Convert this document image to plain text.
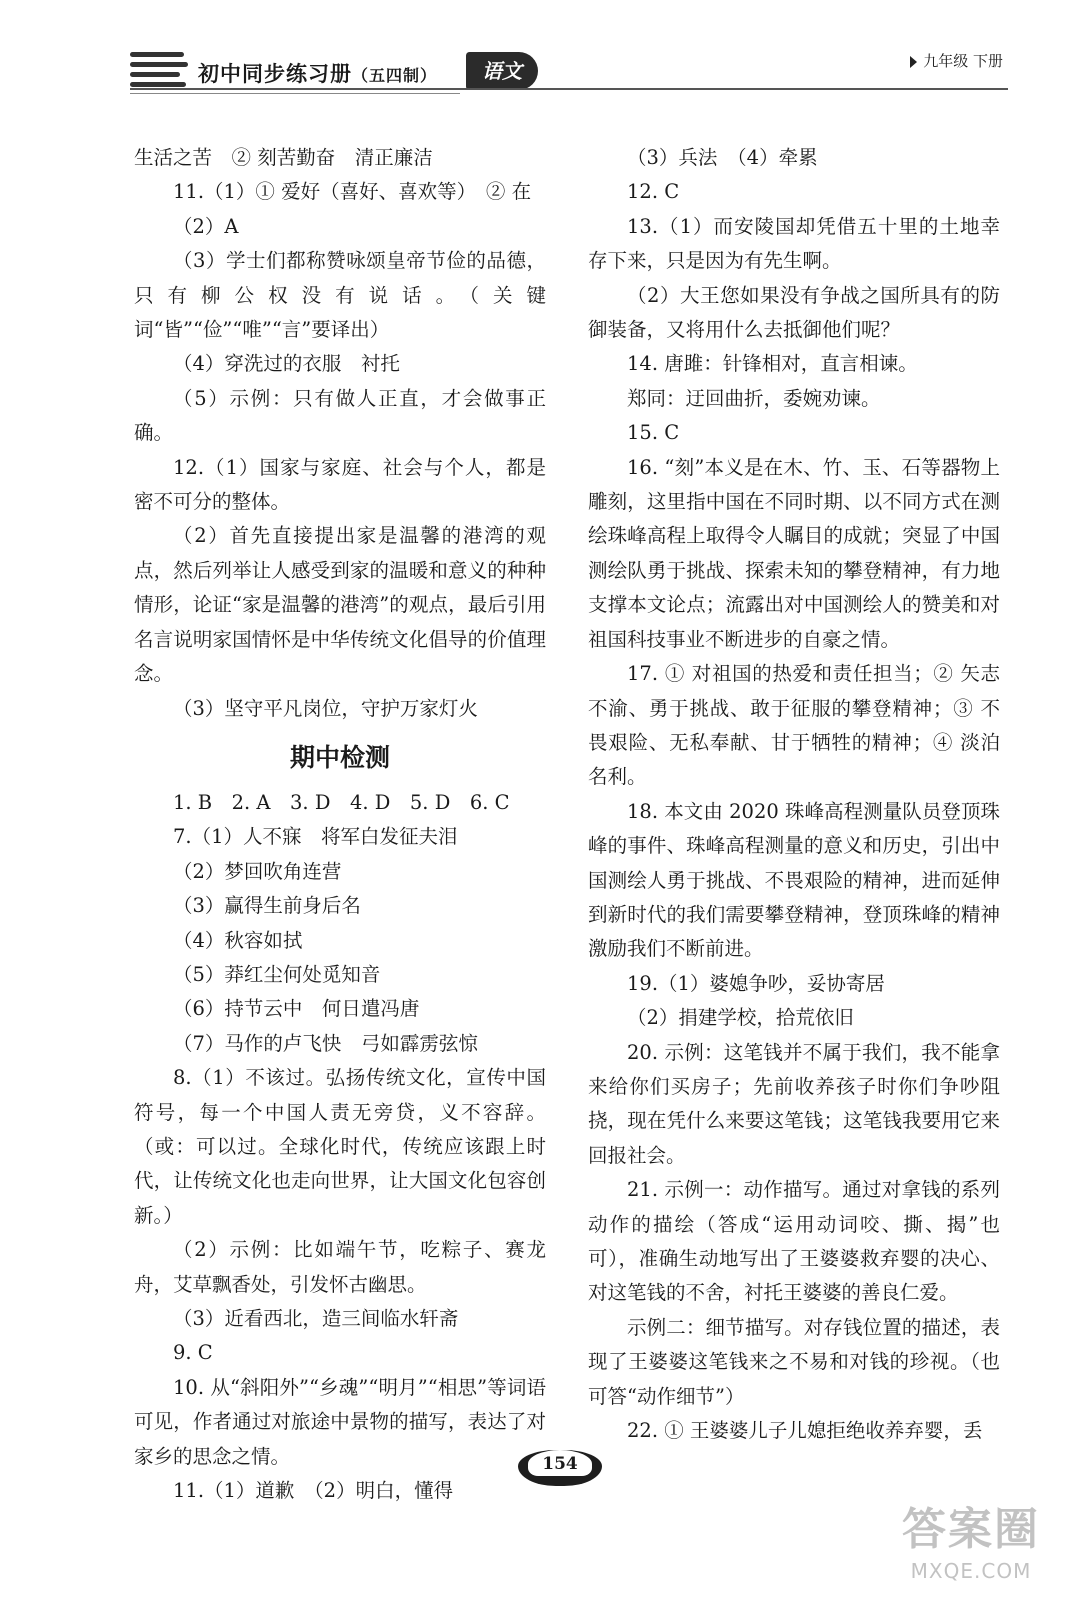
初中同步练习册（五四制）	语文	九年级 下册

生活之苦　② 刻苦勤奋　清正廉洁

11.（1）① 爱好（喜好、喜欢等）　② 在

（2）A

（3）学士们都称赞咏颂皇帝节俭的品德，只有柳公权没有说话。（关键词“皆”“俭”“唯”“言”要译出）

（4）穿洗过的衣服　衬托

（5）示例：只有做人正直，才会做事正确。

12.（1）国家与家庭、社会与个人，都是密不可分的整体。

（2）首先直接提出家是温馨的港湾的观点，然后列举让人感受到家的温暖和意义的种种情形，论证“家是温馨的港湾”的观点，最后引用名言说明家国情怀是中华传统文化倡导的价值理念。

（3）坚守平凡岗位，守护万家灯火

期中检测

1. B　2. A　3. D　4. D　5. D　6. C

7.（1）人不寐　将军白发征夫泪

（2）梦回吹角连营

（3）赢得生前身后名

（4）秋容如拭

（5）莽红尘何处觅知音

（6）持节云中　何日遣冯唐

（7）马作的卢飞快　弓如霹雳弦惊

8.（1）不该过。弘扬传统文化，宣传中国符号，每一个中国人责无旁贷，义不容辞。（或：可以过。全球化时代，传统应该跟上时代，让传统文化也走向世界，让大国文化包容创新。）

（2）示例：比如端午节，吃粽子、赛龙舟，艾草飘香处，引发怀古幽思。

（3）近看西北，造三间临水轩斋

9. C

10. 从“斜阳外”“乡魂”“明月”“相思”等词语可见，作者通过对旅途中景物的描写，表达了对家乡的思念之情。

11.（1）道歉　（2）明白，懂得

（3）兵法　（4）牵累

12. C

13.（1）而安陵国却凭借五十里的土地幸存下来，只是因为有先生啊。

（2）大王您如果没有争战之国所具有的防御装备，又将用什么去抵御他们呢？

14. 唐雎：针锋相对，直言相谏。

郑同：迂回曲折，委婉劝谏。

15. C

16. “刻”本义是在木、竹、玉、石等器物上雕刻，这里指中国在不同时期、以不同方式在测绘珠峰高程上取得令人瞩目的成就；突显了中国测绘队勇于挑战、探索未知的攀登精神，有力地支撑本文论点；流露出对中国测绘人的赞美和对祖国科技事业不断进步的自豪之情。

17. ① 对祖国的热爱和责任担当；② 矢志不渝、勇于挑战、敢于征服的攀登精神；③ 不畏艰险、无私奉献、甘于牺牲的精神；④ 淡泊名利。

18. 本文由 2020 珠峰高程测量队员登顶珠峰的事件、珠峰高程测量的意义和历史，引出中国测绘人勇于挑战、不畏艰险的精神，进而延伸到新时代的我们需要攀登精神，登顶珠峰的精神激励我们不断前进。

19.（1）婆媳争吵，妥协寄居

（2）捐建学校，拾荒依旧

20. 示例：这笔钱并不属于我们，我不能拿来给你们买房子；先前收养孩子时你们争吵阻挠，现在凭什么来要这笔钱；这笔钱我要用它来回报社会。

21. 示例一：动作描写。通过对拿钱的系列动作的描绘（答成“运用动词咬、撕、揭”也可），准确生动地写出了王婆婆救弃婴的决心、对这笔钱的不舍，衬托王婆婆的善良仁爱。

示例二：细节描写。对存钱位置的描述，表现了王婆婆这笔钱来之不易和对钱的珍视。（也可答“动作细节”）

22. ① 王婆婆儿子儿媳拒绝收养弃婴，丢

154
答案圈
MXQE.COM
